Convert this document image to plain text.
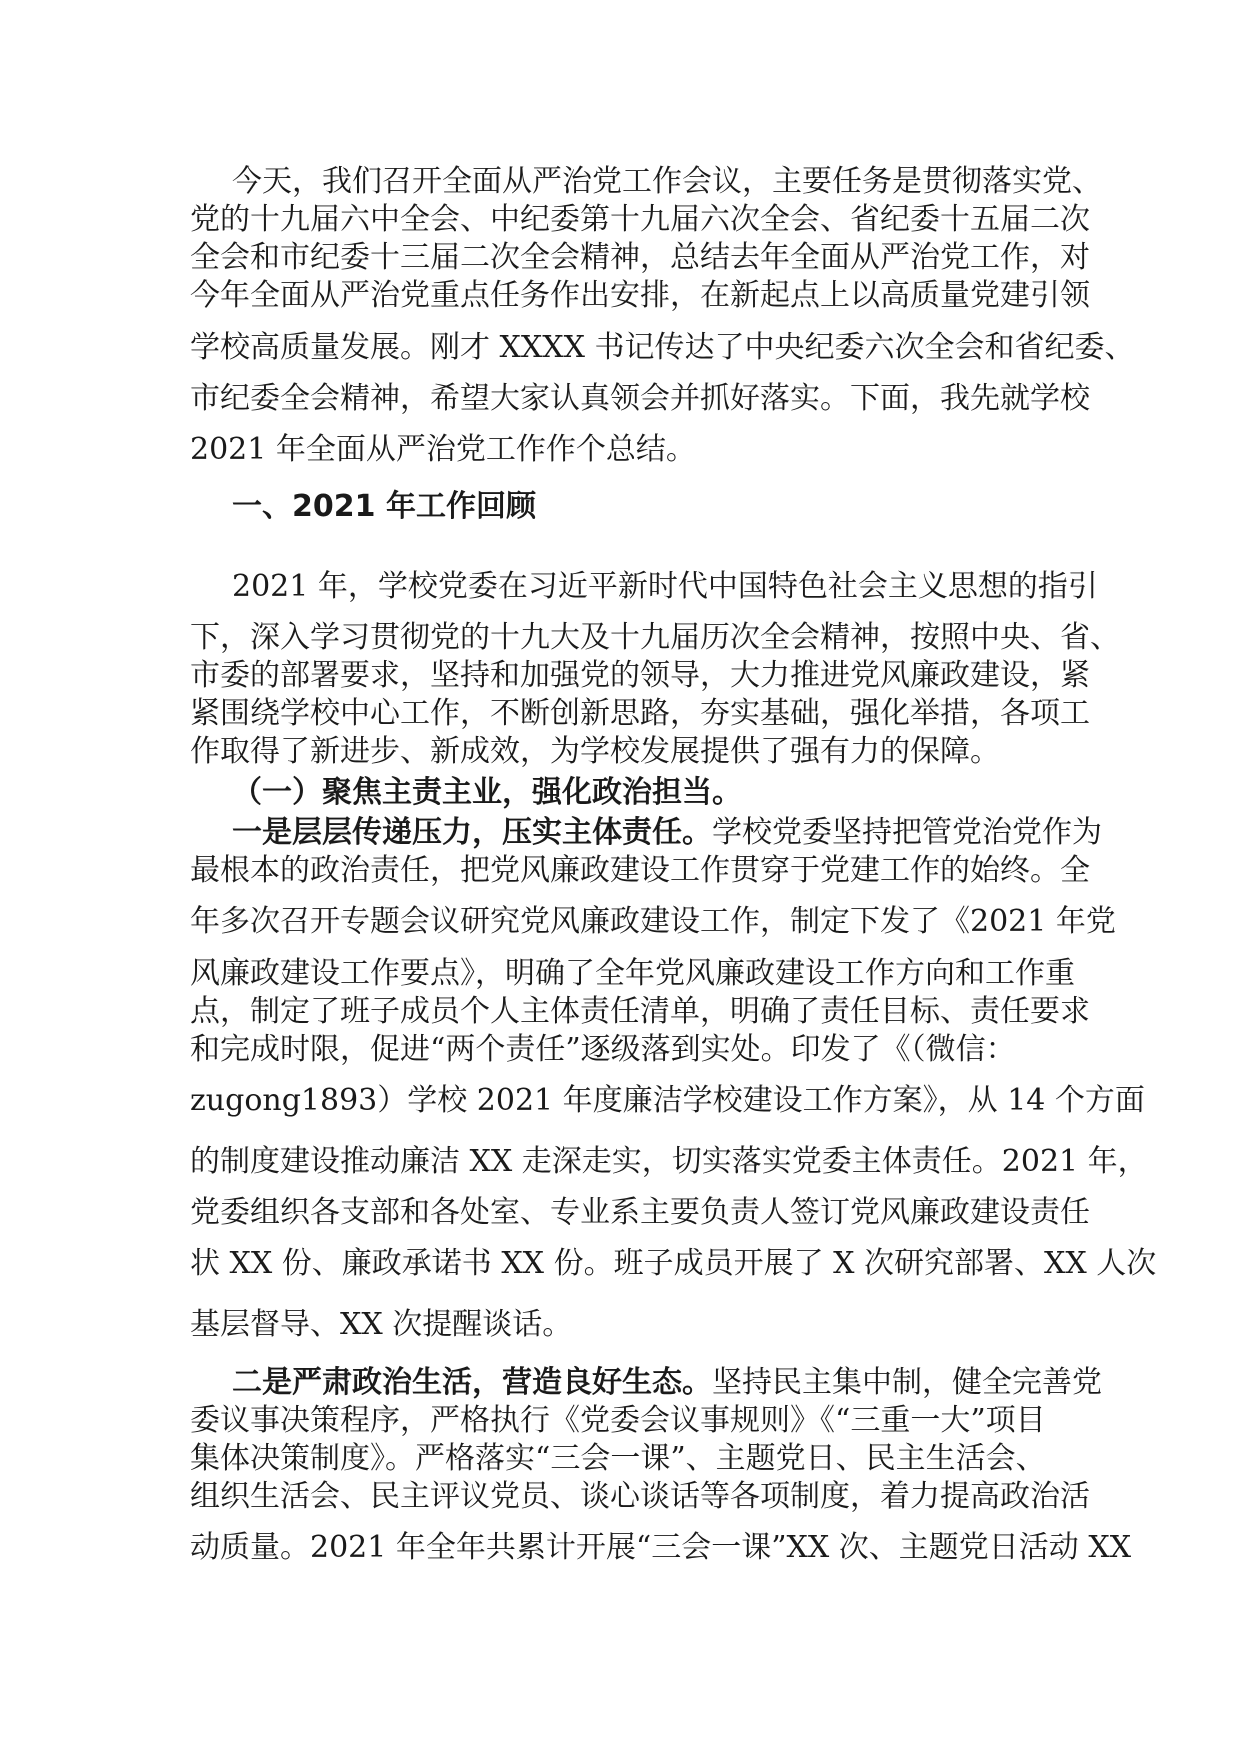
今天，我们召开全面从严治党工作会议，主要任务是贯彻落实党、
党的十九届六中全会、中纪委第十九届六次全会、省纪委十五届二次
全会和市纪委十三届二次全会精神，总结去年全面从严治党工作，对
今年全面从严治党重点任务作出安排，在新起点上以高质量党建引领
学校高质量发展。刚才 XXXX 书记传达了中央纪委六次全会和省纪委、
市纪委全会精神，希望大家认真领会并抓好落实。下面，我先就学校
2021 年全面从严治党工作作个总结。
一、2021 年工作回顾
2021 年，学校党委在习近平新时代中国特色社会主义思想的指引
下，深入学习贯彻党的十九大及十九届历次全会精神，按照中央、省、
市委的部署要求，坚持和加强党的领导，大力推进党风廉政建设，紧
紧围绕学校中心工作，不断创新思路，夯实基础，强化举措，各项工
作取得了新进步、新成效，为学校发展提供了强有力的保障。
（一）聚焦主责主业，强化政治担当。
一是层层传递压力，压实主体责任。学校党委坚持把管党治党作为
最根本的政治责任，把党风廉政建设工作贯穿于党建工作的始终。全
年多次召开专题会议研究党风廉政建设工作，制定下发了《2021 年党
风廉政建设工作要点》，明确了全年党风廉政建设工作方向和工作重
点，制定了班子成员个人主体责任清单，明确了责任目标、责任要求
和完成时限，促进“两个责任”逐级落到实处。印发了《（微信：
zugong1893）学校 2021 年度廉洁学校建设工作方案》，从 14 个方面
的制度建设推动廉洁 XX 走深走实，切实落实党委主体责任。2021 年，
党委组织各支部和各处室、专业系主要负责人签订党风廉政建设责任
状 XX 份、廉政承诺书 XX 份。班子成员开展了 X 次研究部署、XX 人次
基层督导、XX 次提醒谈话。
二是严肃政治生活，营造良好生态。坚持民主集中制，健全完善党
委议事决策程序，严格执行《党委会议事规则》《“三重一大”项目
集体决策制度》。严格落实“三会一课”、主题党日、民主生活会、
组织生活会、民主评议党员、谈心谈话等各项制度，着力提高政治活
动质量。2021 年全年共累计开展“三会一课”XX 次、主题党日活动 XX
